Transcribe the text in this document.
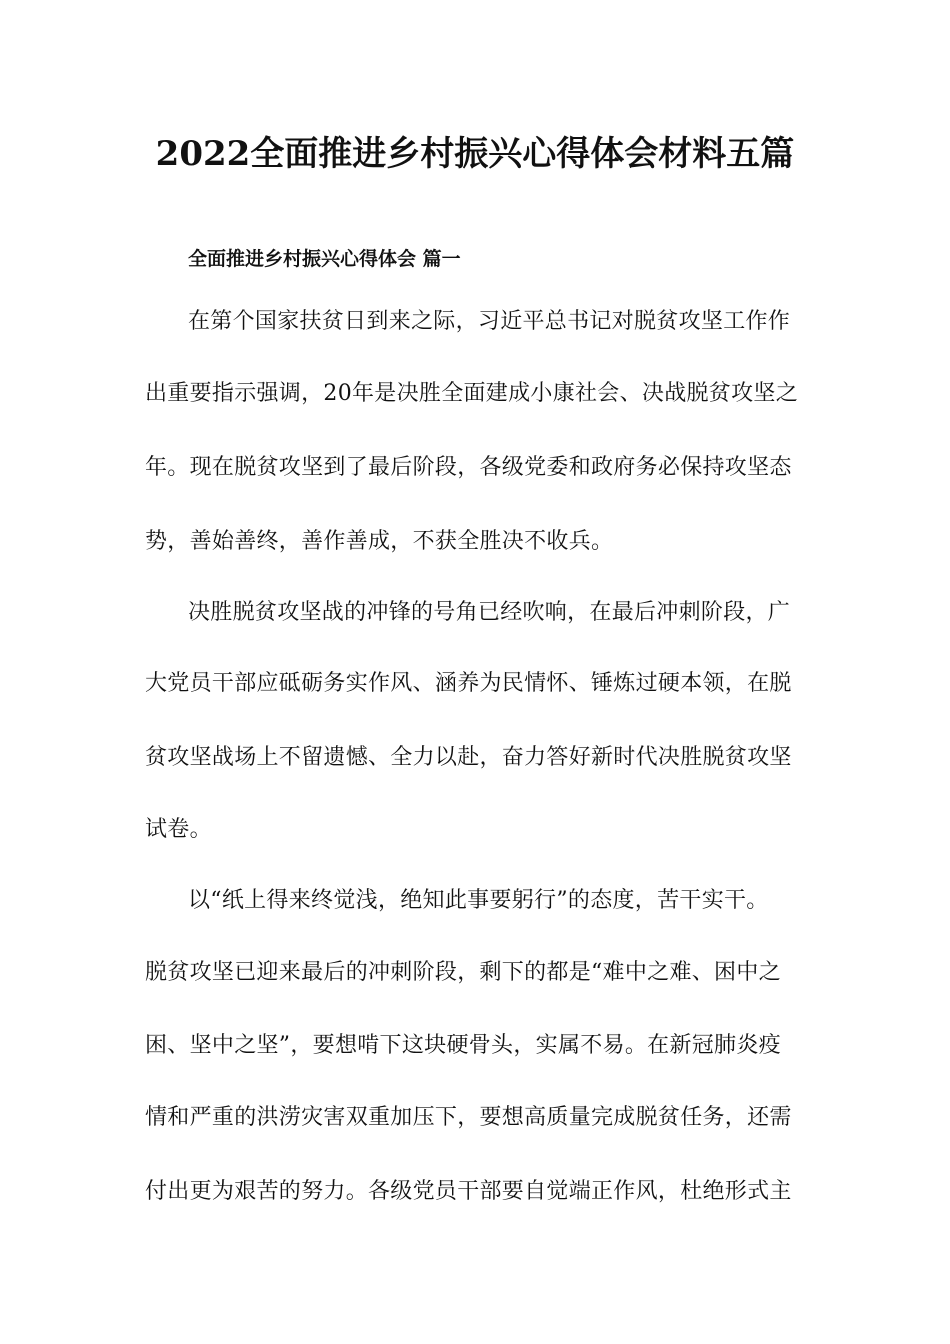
2022全面推进乡村振兴心得体会材料五篇
全面推进乡村振兴心得体会 篇一

在第个国家扶贫日到来之际，习近平总书记对脱贫攻坚工作作

出重要指示强调，20年是决胜全面建成小康社会、决战脱贫攻坚之

年。现在脱贫攻坚到了最后阶段，各级党委和政府务必保持攻坚态

势，善始善终，善作善成，不获全胜决不收兵。

决胜脱贫攻坚战的冲锋的号角已经吹响，在最后冲刺阶段，广

大党员干部应砥砺务实作风、涵养为民情怀、锤炼过硬本领，在脱

贫攻坚战场上不留遗憾、全力以赴，奋力答好新时代决胜脱贫攻坚

试卷。

以“纸上得来终觉浅，绝知此事要躬行”的态度，苦干实干。

脱贫攻坚已迎来最后的冲刺阶段，剩下的都是“难中之难、困中之

困、坚中之坚”，要想啃下这块硬骨头，实属不易。在新冠肺炎疫

情和严重的洪涝灾害双重加压下，要想高质量完成脱贫任务，还需

付出更为艰苦的努力。各级党员干部要自觉端正作风，杜绝形式主
